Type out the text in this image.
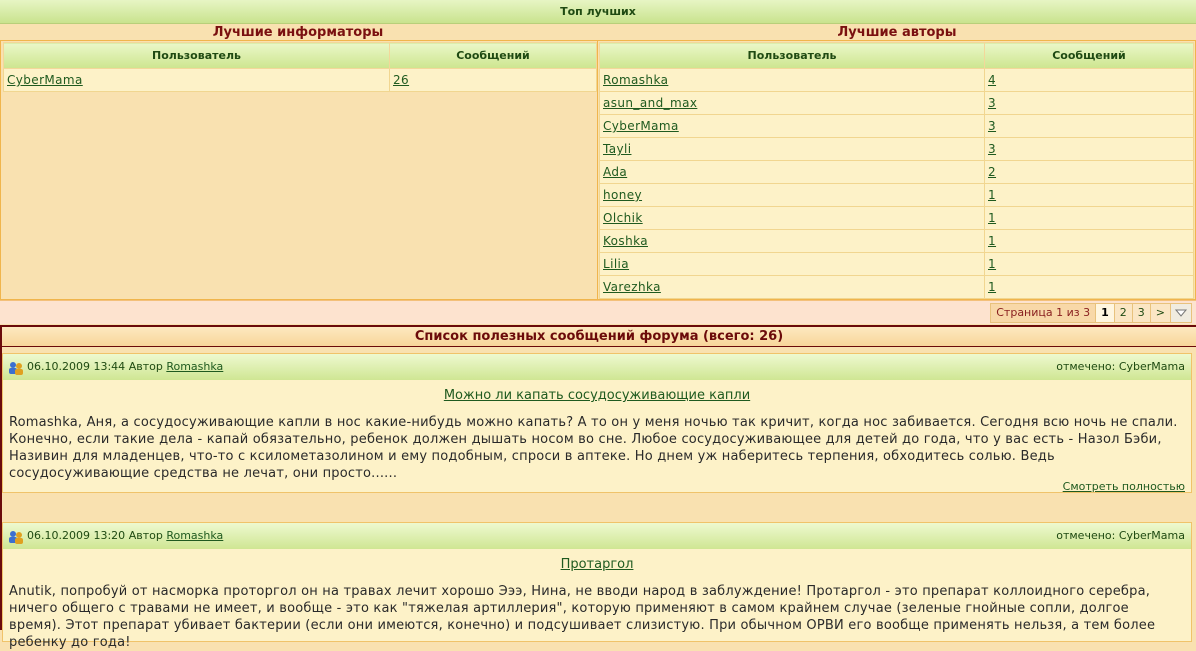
Топ лучших
Лучшие информаторы	Лучшие авторы
Пользователь	Сообщений
CyberMama	26
Пользователь	Сообщений
Romashka	4
asun_and_max	3
CyberMama	3
Tayli	3
Ada	2
honey	1
Olchik	1
Koshka	1
Lilia	1
Varezhka	1
Страница 1 из 3	1	2	3	>
Список полезных сообщений форума (всего: 26)
06.10.2009 13:44 Автор Romashka	отмечено: CyberMama
Можно ли капать сосудосуживающие капли
Romashka, Аня, а сосудосуживающие капли в нос какие-нибудь можно капать? А то он у меня ночью так кричит, когда нос забивается. Сегодня всю ночь не спали. Конечно, если такие дела - капай обязательно, ребенок должен дышать носом во сне. Любое сосудосуживающее для детей до года, что у вас есть - Назол Бэби, Називин для младенцев, что-то с ксилометазолином и ему подобным, спроси в аптеке. Но днем уж наберитесь терпения, обходитесь солью. Ведь сосудосуживающие средства не лечат, они просто......
Смотреть полностью
06.10.2009 13:20 Автор Romashka	отмечено: CyberMama
Протаргол
Anutik, попробуй от насморка проторгол он на травах лечит хорошо Эээ, Нина, не вводи народ в заблуждение! Протаргол - это препарат коллоидного серебра, ничего общего с травами не имеет, и вообще - это как "тяжелая артиллерия", которую применяют в самом крайнем случае (зеленые гнойные сопли, долгое время). Этот препарат убивает бактерии (если они имеются, конечно) и подсушивает слизистую. При обычном ОРВИ его вообще применять нельзя, а тем более ребенку до года!
